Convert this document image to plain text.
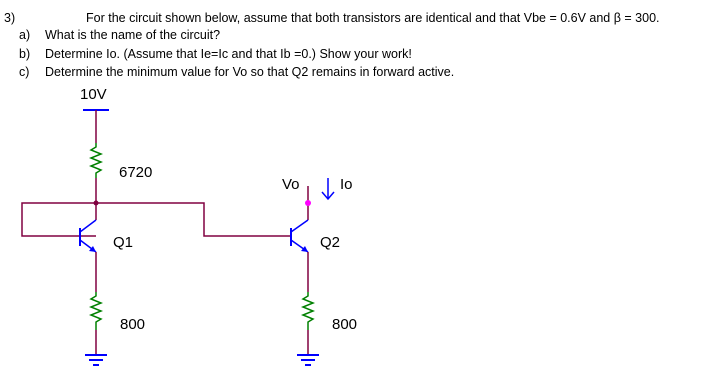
3)	For the circuit shown below, assume that both transistors are identical and that Vbe = 0.6V and β = 300.
a) What is the name of the circuit?
b) Determine Io. (Assume that Ie=Ic and that Ib =0.) Show your work!
c) Determine the minimum value for Vo so that Q2 remains in forward active.
10V
6720
Q1
800
Vo	Io
Q2
800
